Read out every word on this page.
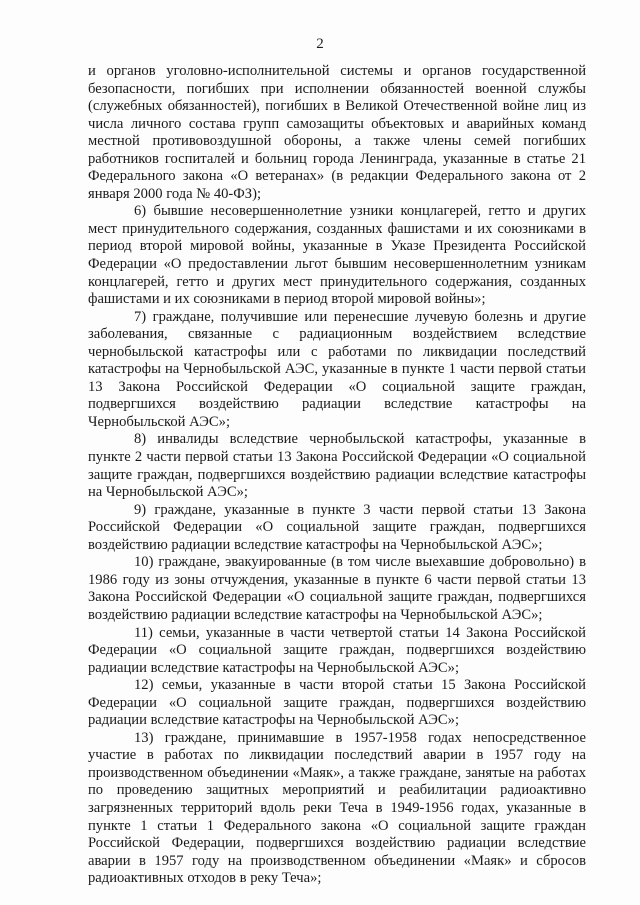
2

и органов уголовно-исполнительной системы и органов государственной безопасности, погибших при исполнении обязанностей военной службы (служебных обязанностей), погибших в Великой Отечественной войне лиц из числа личного состава групп самозащиты объектовых и аварийных команд местной противовоздушной обороны, а также члены семей погибших работников госпиталей и больниц города Ленинграда, указанные в статье 21 Федерального закона «О ветеранах» (в редакции Федерального закона от 2 января 2000 года № 40-ФЗ);

6) бывшие несовершеннолетние узники концлагерей, гетто и других мест принудительного содержания, созданных фашистами и их союзниками в период второй мировой войны, указанные в Указе Президента Российской Федерации «О предоставлении льгот бывшим несовершеннолетним узникам концлагерей, гетто и других мест принудительного содержания, созданных фашистами и их союзниками в период второй мировой войны»;

7) граждане, получившие или перенесшие лучевую болезнь и другие заболевания, связанные с радиационным воздействием вследствие чернобыльской катастрофы или с работами по ликвидации последствий катастрофы на Чернобыльской АЭС, указанные в пункте 1 части первой статьи 13 Закона Российской Федерации «О социальной защите граждан, подвергшихся воздействию радиации вследствие катастрофы на Чернобыльской АЭС»;

8) инвалиды вследствие чернобыльской катастрофы, указанные в пункте 2 части первой статьи 13 Закона Российской Федерации «О социальной защите граждан, подвергшихся воздействию радиации вследствие катастрофы на Чернобыльской АЭС»;

9) граждане, указанные в пункте 3 части первой статьи 13 Закона Российской Федерации «О социальной защите граждан, подвергшихся воздействию радиации вследствие катастрофы на Чернобыльской АЭС»;

10) граждане, эвакуированные (в том числе выехавшие добровольно) в 1986 году из зоны отчуждения, указанные в пункте 6 части первой статьи 13 Закона Российской Федерации «О социальной защите граждан, подвергшихся воздействию радиации вследствие катастрофы на Чернобыльской АЭС»;

11) семьи, указанные в части четвертой статьи 14 Закона Российской Федерации «О социальной защите граждан, подвергшихся воздействию радиации вследствие катастрофы на Чернобыльской АЭС»;

12) семьи, указанные в части второй статьи 15 Закона Российской Федерации «О социальной защите граждан, подвергшихся воздействию радиации вследствие катастрофы на Чернобыльской АЭС»;

13) граждане, принимавшие в 1957-1958 годах непосредственное участие в работах по ликвидации последствий аварии в 1957 году на производственном объединении «Маяк», а также граждане, занятые на работах по проведению защитных мероприятий и реабилитации радиоактивно загрязненных территорий вдоль реки Теча в 1949-1956 годах, указанные в пункте 1 статьи 1 Федерального закона «О социальной защите граждан Российской Федерации, подвергшихся воздействию радиации вследствие аварии в 1957 году на производственном объединении «Маяк» и сбросов радиоактивных отходов в реку Теча»;
